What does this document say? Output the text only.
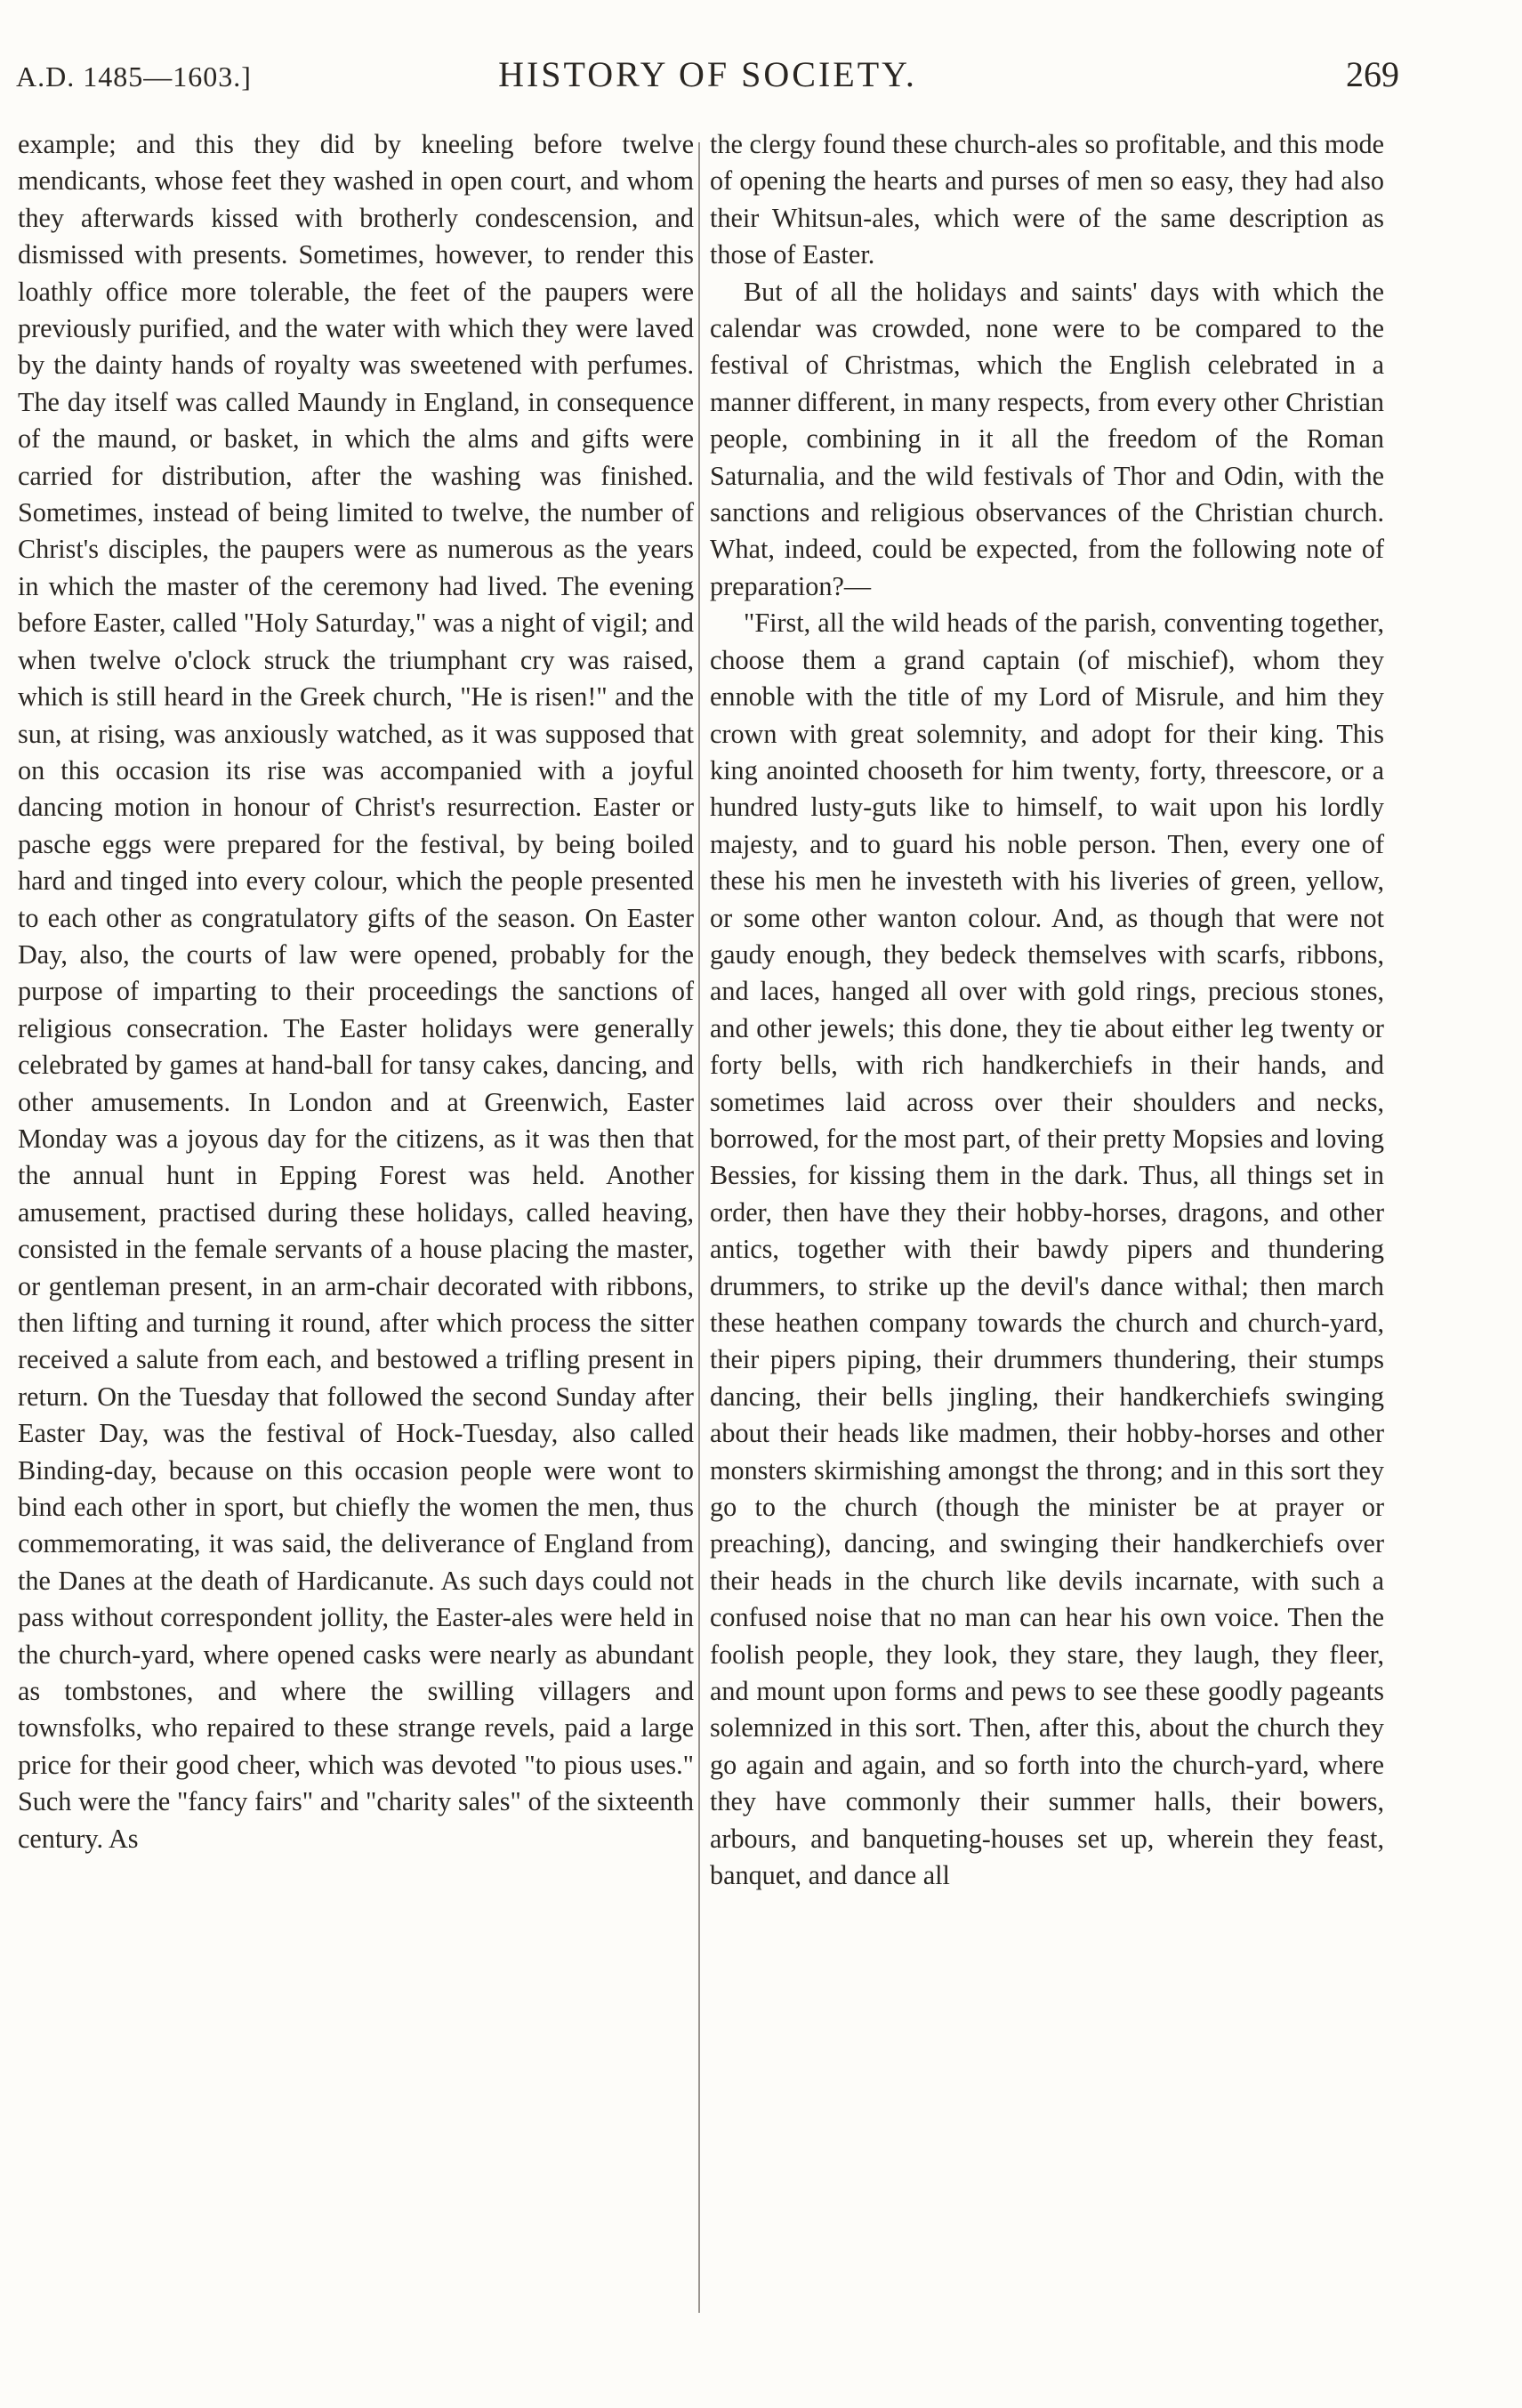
A.D. 1485—1603.]	HISTORY OF SOCIETY.	269

example; and this they did by kneeling before twelve mendicants, whose feet they washed in open court, and whom they afterwards kissed with brotherly condescension, and dismissed with presents. Sometimes, however, to render this loathly office more tolerable, the feet of the paupers were previously purified, and the water with which they were laved by the dainty hands of royalty was sweetened with perfumes. The day itself was called Maundy in England, in consequence of the maund, or basket, in which the alms and gifts were carried for distribution, after the washing was finished. Sometimes, instead of being limited to twelve, the number of Christ's disciples, the paupers were as numerous as the years in which the master of the ceremony had lived. The evening before Easter, called "Holy Saturday," was a night of vigil; and when twelve o'clock struck the triumphant cry was raised, which is still heard in the Greek church, "He is risen!" and the sun, at rising, was anxiously watched, as it was supposed that on this occasion its rise was accompanied with a joyful dancing motion in honour of Christ's resurrection. Easter or pasche eggs were prepared for the festival, by being boiled hard and tinged into every colour, which the people presented to each other as congratulatory gifts of the season. On Easter Day, also, the courts of law were opened, probably for the purpose of imparting to their proceedings the sanctions of religious consecration. The Easter holidays were generally celebrated by games at hand-ball for tansy cakes, dancing, and other amusements. In London and at Greenwich, Easter Monday was a joyous day for the citizens, as it was then that the annual hunt in Epping Forest was held. Another amusement, practised during these holidays, called heaving, consisted in the female servants of a house placing the master, or gentleman present, in an arm-chair decorated with ribbons, then lifting and turning it round, after which process the sitter received a salute from each, and bestowed a trifling present in return. On the Tuesday that followed the second Sunday after Easter Day, was the festival of Hock-Tuesday, also called Binding-day, because on this occasion people were wont to bind each other in sport, but chiefly the women the men, thus commemorating, it was said, the deliverance of England from the Danes at the death of Hardicanute. As such days could not pass without correspondent jollity, the Easter-ales were held in the church-yard, where opened casks were nearly as abundant as tombstones, and where the swilling villagers and townsfolks, who repaired to these strange revels, paid a large price for their good cheer, which was devoted "to pious uses." Such were the "fancy fairs" and "charity sales" of the sixteenth century. As

the clergy found these church-ales so profitable, and this mode of opening the hearts and purses of men so easy, they had also their Whitsun-ales, which were of the same description as those of Easter.

But of all the holidays and saints' days with which the calendar was crowded, none were to be compared to the festival of Christmas, which the English celebrated in a manner different, in many respects, from every other Christian people, combining in it all the freedom of the Roman Saturnalia, and the wild festivals of Thor and Odin, with the sanctions and religious observances of the Christian church. What, indeed, could be expected, from the following note of preparation?—

"First, all the wild heads of the parish, conventing together, choose them a grand captain (of mischief), whom they ennoble with the title of my Lord of Misrule, and him they crown with great solemnity, and adopt for their king. This king anointed chooseth for him twenty, forty, threescore, or a hundred lusty-guts like to himself, to wait upon his lordly majesty, and to guard his noble person. Then, every one of these his men he investeth with his liveries of green, yellow, or some other wanton colour. And, as though that were not gaudy enough, they bedeck themselves with scarfs, ribbons, and laces, hanged all over with gold rings, precious stones, and other jewels; this done, they tie about either leg twenty or forty bells, with rich handkerchiefs in their hands, and sometimes laid across over their shoulders and necks, borrowed, for the most part, of their pretty Mopsies and loving Bessies, for kissing them in the dark. Thus, all things set in order, then have they their hobby-horses, dragons, and other antics, together with their bawdy pipers and thundering drummers, to strike up the devil's dance withal; then march these heathen company towards the church and church-yard, their pipers piping, their drummers thundering, their stumps dancing, their bells jingling, their handkerchiefs swinging about their heads like madmen, their hobby-horses and other monsters skirmishing amongst the throng; and in this sort they go to the church (though the minister be at prayer or preaching), dancing, and swinging their handkerchiefs over their heads in the church like devils incarnate, with such a confused noise that no man can hear his own voice. Then the foolish people, they look, they stare, they laugh, they fleer, and mount upon forms and pews to see these goodly pageants solemnized in this sort. Then, after this, about the church they go again and again, and so forth into the church-yard, where they have commonly their summer halls, their bowers, arbours, and banqueting-houses set up, wherein they feast, banquet, and dance all
